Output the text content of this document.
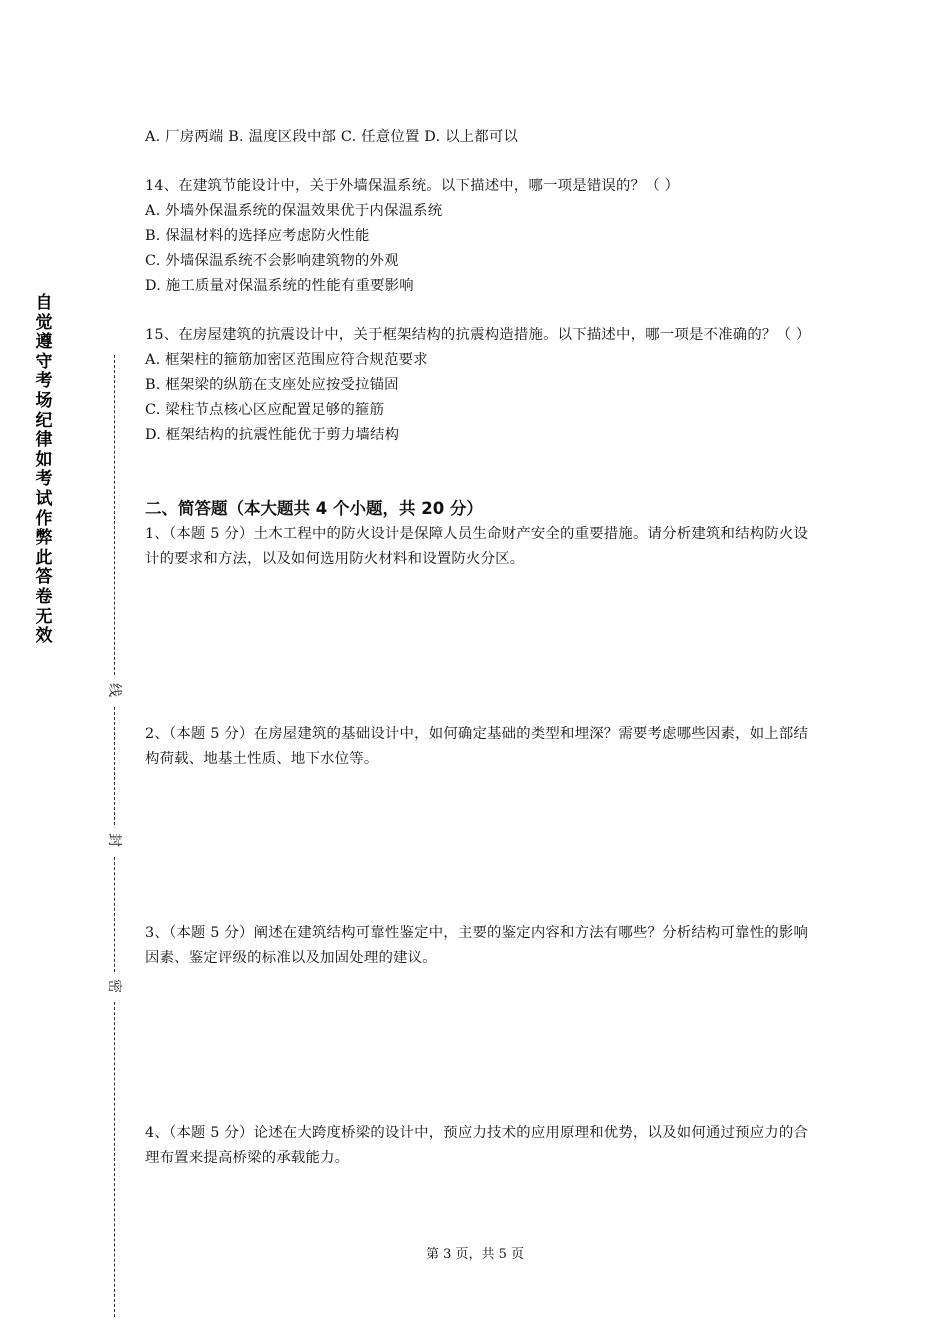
自觉遵守考场纪律如考试作弊此答卷无效
线
封
密
A. 厂房两端 B. 温度区段中部 C. 任意位置 D. 以上都可以
14、在建筑节能设计中，关于外墙保温系统。以下描述中，哪一项是错误的？（ ）
A. 外墙外保温系统的保温效果优于内保温系统
B. 保温材料的选择应考虑防火性能
C. 外墙保温系统不会影响建筑物的外观
D. 施工质量对保温系统的性能有重要影响
15、在房屋建筑的抗震设计中，关于框架结构的抗震构造措施。以下描述中，哪一项是不准确的？（ ）
A. 框架柱的箍筋加密区范围应符合规范要求
B. 框架梁的纵筋在支座处应按受拉锚固
C. 梁柱节点核心区应配置足够的箍筋
D. 框架结构的抗震性能优于剪力墙结构
二、简答题（本大题共 4 个小题，共 20 分）
1、（本题 5 分）土木工程中的防火设计是保障人员生命财产安全的重要措施。请分析建筑和结构防火设计的要求和方法，以及如何选用防火材料和设置防火分区。
2、（本题 5 分）在房屋建筑的基础设计中，如何确定基础的类型和埋深？需要考虑哪些因素，如上部结构荷载、地基土性质、地下水位等。
3、（本题 5 分）阐述在建筑结构可靠性鉴定中，主要的鉴定内容和方法有哪些？分析结构可靠性的影响因素、鉴定评级的标准以及加固处理的建议。
4、（本题 5 分）论述在大跨度桥梁的设计中，预应力技术的应用原理和优势，以及如何通过预应力的合理布置来提高桥梁的承载能力。
第 3 页，共 5 页
